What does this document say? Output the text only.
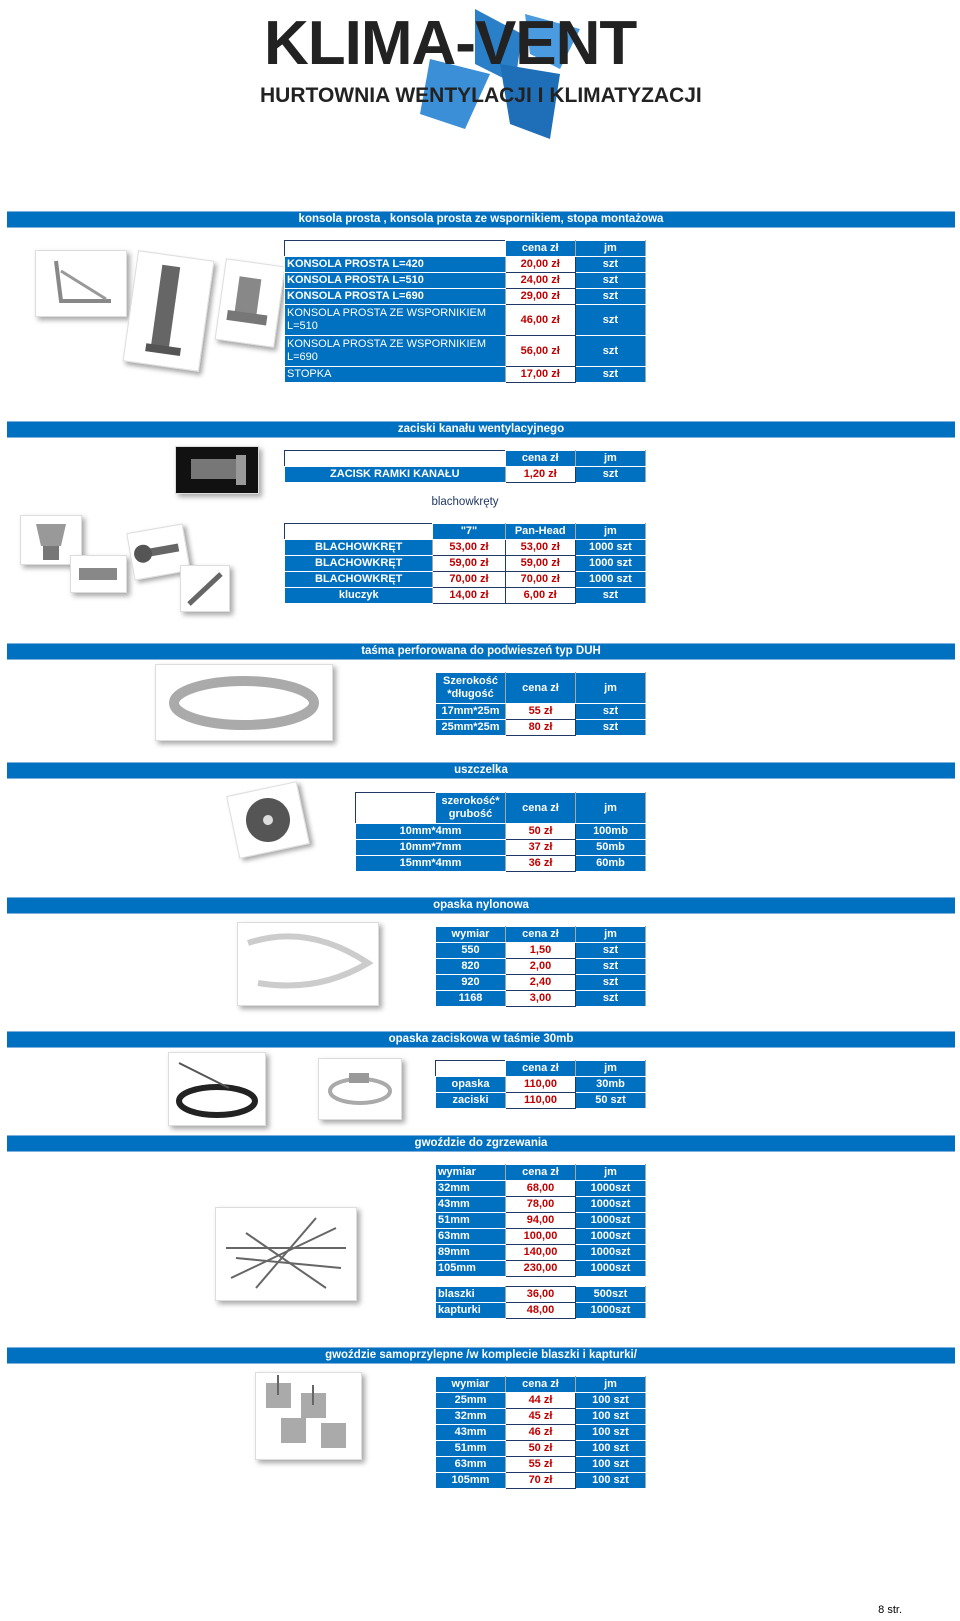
KLIMA-VENT
HURTOWNIA WENTYLACJI I KLIMATYZACJI
konsola prosta , konsola prosta ze wspornikiem, stopa montażowa
	cena zł	jm
KONSOLA PROSTA L=420	20,00 zł	szt
KONSOLA PROSTA L=510	24,00 zł	szt
KONSOLA PROSTA L=690	29,00 zł	szt
KONSOLA PROSTA ZE WSPORNIKIEM L=510	46,00 zł	szt
KONSOLA PROSTA ZE WSPORNIKIEM L=690	56,00 zł	szt
STOPKA	17,00 zł	szt
zaciski kanału wentylacyjnego
	cena zł	jm
ZACISK RAMKI KANAŁU	1,20 zł	szt
blachowkręty
	"7"	Pan-Head	jm
BLACHOWKRĘT	53,00 zł	53,00 zł	1000 szt
BLACHOWKRĘT	59,00 zł	59,00 zł	1000 szt
BLACHOWKRĘT	70,00 zł	70,00 zł	1000 szt
kluczyk	14,00 zł	6,00 zł	szt
taśma perforowana do podwieszeń typ DUH
Szerokość *długość	cena zł	jm
17mm*25m	55 zł	szt
25mm*25m	80 zł	szt
uszczelka
	szerokość* grubość	cena zł	jm
10mm*4mm		50 zł	100mb
10mm*7mm		37 zł	50mb
15mm*4mm		36 zł	60mb
opaska nylonowa
wymiar	cena zł	jm
550	1,50	szt
820	2,00	szt
920	2,40	szt
1168	3,00	szt
opaska zaciskowa w taśmie 30mb
	cena zł	jm
opaska	110,00	30mb
zaciski	110,00	50 szt
gwoździe do zgrzewania
wymiar	cena zł	jm
32mm	68,00	1000szt
43mm	78,00	1000szt
51mm	94,00	1000szt
63mm	100,00	1000szt
89mm	140,00	1000szt
105mm	230,00	1000szt
blaszki	36,00	500szt
kapturki	48,00	1000szt
gwoździe samoprzylepne /w komplecie blaszki i kapturki/
wymiar	cena zł	jm
25mm	44 zł	100 szt
32mm	45 zł	100 szt
43mm	46 zł	100 szt
51mm	50 zł	100 szt
63mm	55 zł	100 szt
105mm	70 zł	100 szt
8 str.
